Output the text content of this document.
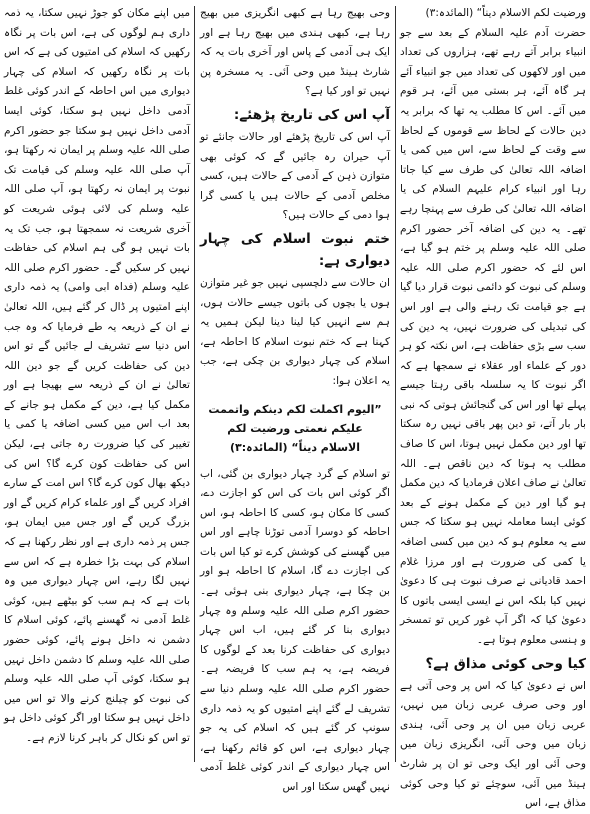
ورضیت لکم الاسلام دیناً“ (المائدہ:۳)

حضرت آدم علیہ السلام کے بعد سے جو انبیاء برابر آتے رہے تھے، ہزاروں کی تعداد میں اور لاکھوں کی تعداد میں جو انبیاء آئے ہر گاہ آئے، ہر بستی میں آئے، ہر قوم میں آئے۔ اس کا مطلب یہ تھا کہ برابر یہ دین حالات کے لحاظ سے قوموں کے لحاظ سے وقت کے لحاظ سے، اس میں کمی یا اضافہ اللہ تعالیٰ کی طرف سے کیا جاتا رہا اور انبیاء کرام علیہم السلام کی یا اضافہ اللہ تعالیٰ کی طرف سے پہنچا رہے تھے۔ یہ دین کی اضافہ آخر حضور اکرم صلی اللہ علیہ وسلم پر ختم ہو گیا ہے، اس لئے کہ حضور اکرم صلی اللہ علیہ وسلم کی نبوت کو دائمی نبوت قرار دیا گیا ہے جو قیامت تک رہنے والی ہے اور اس کی تبدیلی کی ضرورت نہیں، یہ دین کی سب سے بڑی حفاظت ہے، اس نکتہ کو ہر دور کے علماء اور عقلاء نے سمجھا ہے کہ اگر نبوت کا یہ سلسلہ باقی رہتا جیسے پہلے تھا اور اس کی گنجائش ہوتی کہ نبی بار بار آتے، تو دین پھر باقی نہیں رہ سکتا تھا اور دین مکمل نہیں ہوتا، اس کا صاف مطلب یہ ہوتا کہ دین ناقص ہے۔ اللہ تعالیٰ نے صاف اعلان فرمادیا کہ دین مکمل ہو گیا اور دین کے مکمل ہونے کے بعد کوئی ایسا معاملہ نہیں ہو سکتا کہ جس سے یہ معلوم ہو کہ دین میں کسی اضافہ یا کمی کی ضرورت ہے اور مرزا غلام احمد قادیانی نے صرف نبوت ہی کا دعویٰ نہیں کیا بلکہ اس نے ایسی ایسی باتوں کا دعویٰ کیا کہ اگر آپ غور کریں تو تمسخر و ہنسی معلوم ہوتا ہے۔

کیا وحی کوئی مذاق ہے؟

اس نے دعویٰ کیا کہ اس پر وحی آتی ہے اور وحی صرف عربی زبان میں نہیں، عربی زبان میں ان پر وحی آئی، ہندی زبان میں وحی آئی، انگریزی زبان میں وحی آئی اور ایک وحی تو ان پر شارٹ ہینڈ میں آئی، سوچئے تو کیا وحی کوئی مذاق ہے، اس

وحی بھیج رہا ہے کبھی انگریزی میں بھیج رہا ہے، کبھی ہندی میں بھیج رہا ہے اور ایک ہی آدمی کے پاس اور آخری بات یہ کہ شارٹ ہینڈ میں وحی آئی۔ یہ مسخرہ پن نہیں تو اور کیا ہے؟

آپ اس کی تاریخ پڑھئے:

آپ اس کی تاریخ پڑھئے اور حالات جانئے تو آپ حیران رہ جائیں گے کہ کوئی بھی متوازن ذہن کے آدمی کے حالات ہیں، کسی مخلص آدمی کے حالات ہیں یا کسی گرا ہوا دمی کے حالات ہیں؟

ختم نبوت اسلام کی چہار دیواری ہے:

ان حالات سے دلچسپی نہیں جو غیر متوازن ہوں یا بچوں کی باتوں جیسے حالات ہوں، ہم سے انہیں کیا لینا دینا لیکن ہمیں یہ کہنا ہے کہ ختم نبوت اسلام کا احاطہ ہے، اسلام کی چہار دیواری بن چکی ہے، جب یہ اعلان ہوا:

”الیوم اکملت لکم دینکم واتممت علیکم نعمتی ورضیت لکم الاسلام دیناً“ (المائدہ:۳)

تو اسلام کے گرد چہار دیواری بن گئی، اب اگر کوئی اس بات کی اس کو اجازت دے، کسی کا مکان ہو، کسی کا احاطہ ہو، اس احاطہ کو دوسرا آدمی توڑنا چاہے اور اس میں گھسنے کی کوشش کرے تو کیا اس بات کی اجازت دے گا، اسلام کا احاطہ ہو اور بن چکا ہے، چہار دیواری بنی ہوئی ہے۔ حضور اکرم صلی اللہ علیہ وسلم وہ چہار دیواری بنا کر گئے ہیں، اب اس چہار دیواری کی حفاظت کرنا بعد کے لوگوں کا فریضہ ہے، یہ ہم سب کا فریضہ ہے۔ حضور اکرم صلی اللہ علیہ وسلم دنیا سے تشریف لے گئے اپنے امتیوں کو یہ ذمہ داری سونپ کر گئے ہیں کہ اسلام کی یہ جو چہار دیواری ہے، اس کو قائم رکھنا ہے، اس چہار دیواری کے اندر کوئی غلط آدمی نہیں گھس سکتا اور اس

میں اپنے مکان کو جوڑ نہیں سکتا، یہ ذمہ داری ہم لوگوں کی ہے، اس بات پر نگاہ رکھیں کہ اسلام کی امتیوں کی ہے کہ اس بات پر نگاہ رکھیں کہ اسلام کی چہار دیواری میں اس احاطہ کے اندر کوئی غلط آدمی داخل نہیں ہو سکتا، کوئی ایسا آدمی داخل نہیں ہو سکتا جو حضور اکرم صلی اللہ علیہ وسلم پر ایمان نہ رکھتا ہو، آپ صلی اللہ علیہ وسلم کی قیامت تک نبوت پر ایمان نہ رکھتا ہو، آپ صلی اللہ علیہ وسلم کی لائی ہوئی شریعت کو آخری شریعت نہ سمجھتا ہو، جب تک یہ بات نہیں ہو گی ہم اسلام کی حفاظت نہیں کر سکیں گے۔ حضور اکرم صلی اللہ علیہ وسلم (فداہ ابی وامی) یہ ذمہ داری اپنے امتیوں پر ڈال کر گئے ہیں، اللہ تعالیٰ نے ان کے ذریعہ یہ طے فرمایا کہ وہ جب اس دنیا سے تشریف لے جائیں گے تو اس دین کی حفاظت کریں گے جو دین اللہ تعالیٰ نے ان کے ذریعہ سے بھیجا ہے اور مکمل کیا ہے، دین کے مکمل ہو جانے کے بعد اب اس میں کسی اضافہ یا کمی یا تغییر کی کیا ضرورت رہ جاتی ہے، لیکن اس کی حفاظت کون کرے گا؟ اس کی دیکھ بھال کون کرے گا؟ اس امت کے سارے افراد کریں گے اور علماء کرام کریں گے اور بزرگ کریں گے اور جس میں ایمان ہو، جس پر ذمہ داری ہے اور نظر رکھنا ہے کہ اسلام کی بہت بڑا خطرہ ہے کہ اس سے نہیں لگا رہے، اس چہار دیواری میں وہ بات ہے کہ ہم سب کو بیٹھے ہیں، کوئی غلط آدمی نہ گھسنے پائے، کوئی اسلام کا دشمن نہ داخل ہونے پائے، کوئی حضور صلی اللہ علیہ وسلم کا دشمن داخل نہیں ہو سکتا، کوئی آپ صلی اللہ علیہ وسلم کی نبوت کو چیلنج کرنے والا تو اس میں داخل نہیں ہو سکتا اور اگر کوئی داخل ہو تو اس کو نکال کر باہر کرنا لازم ہے۔
